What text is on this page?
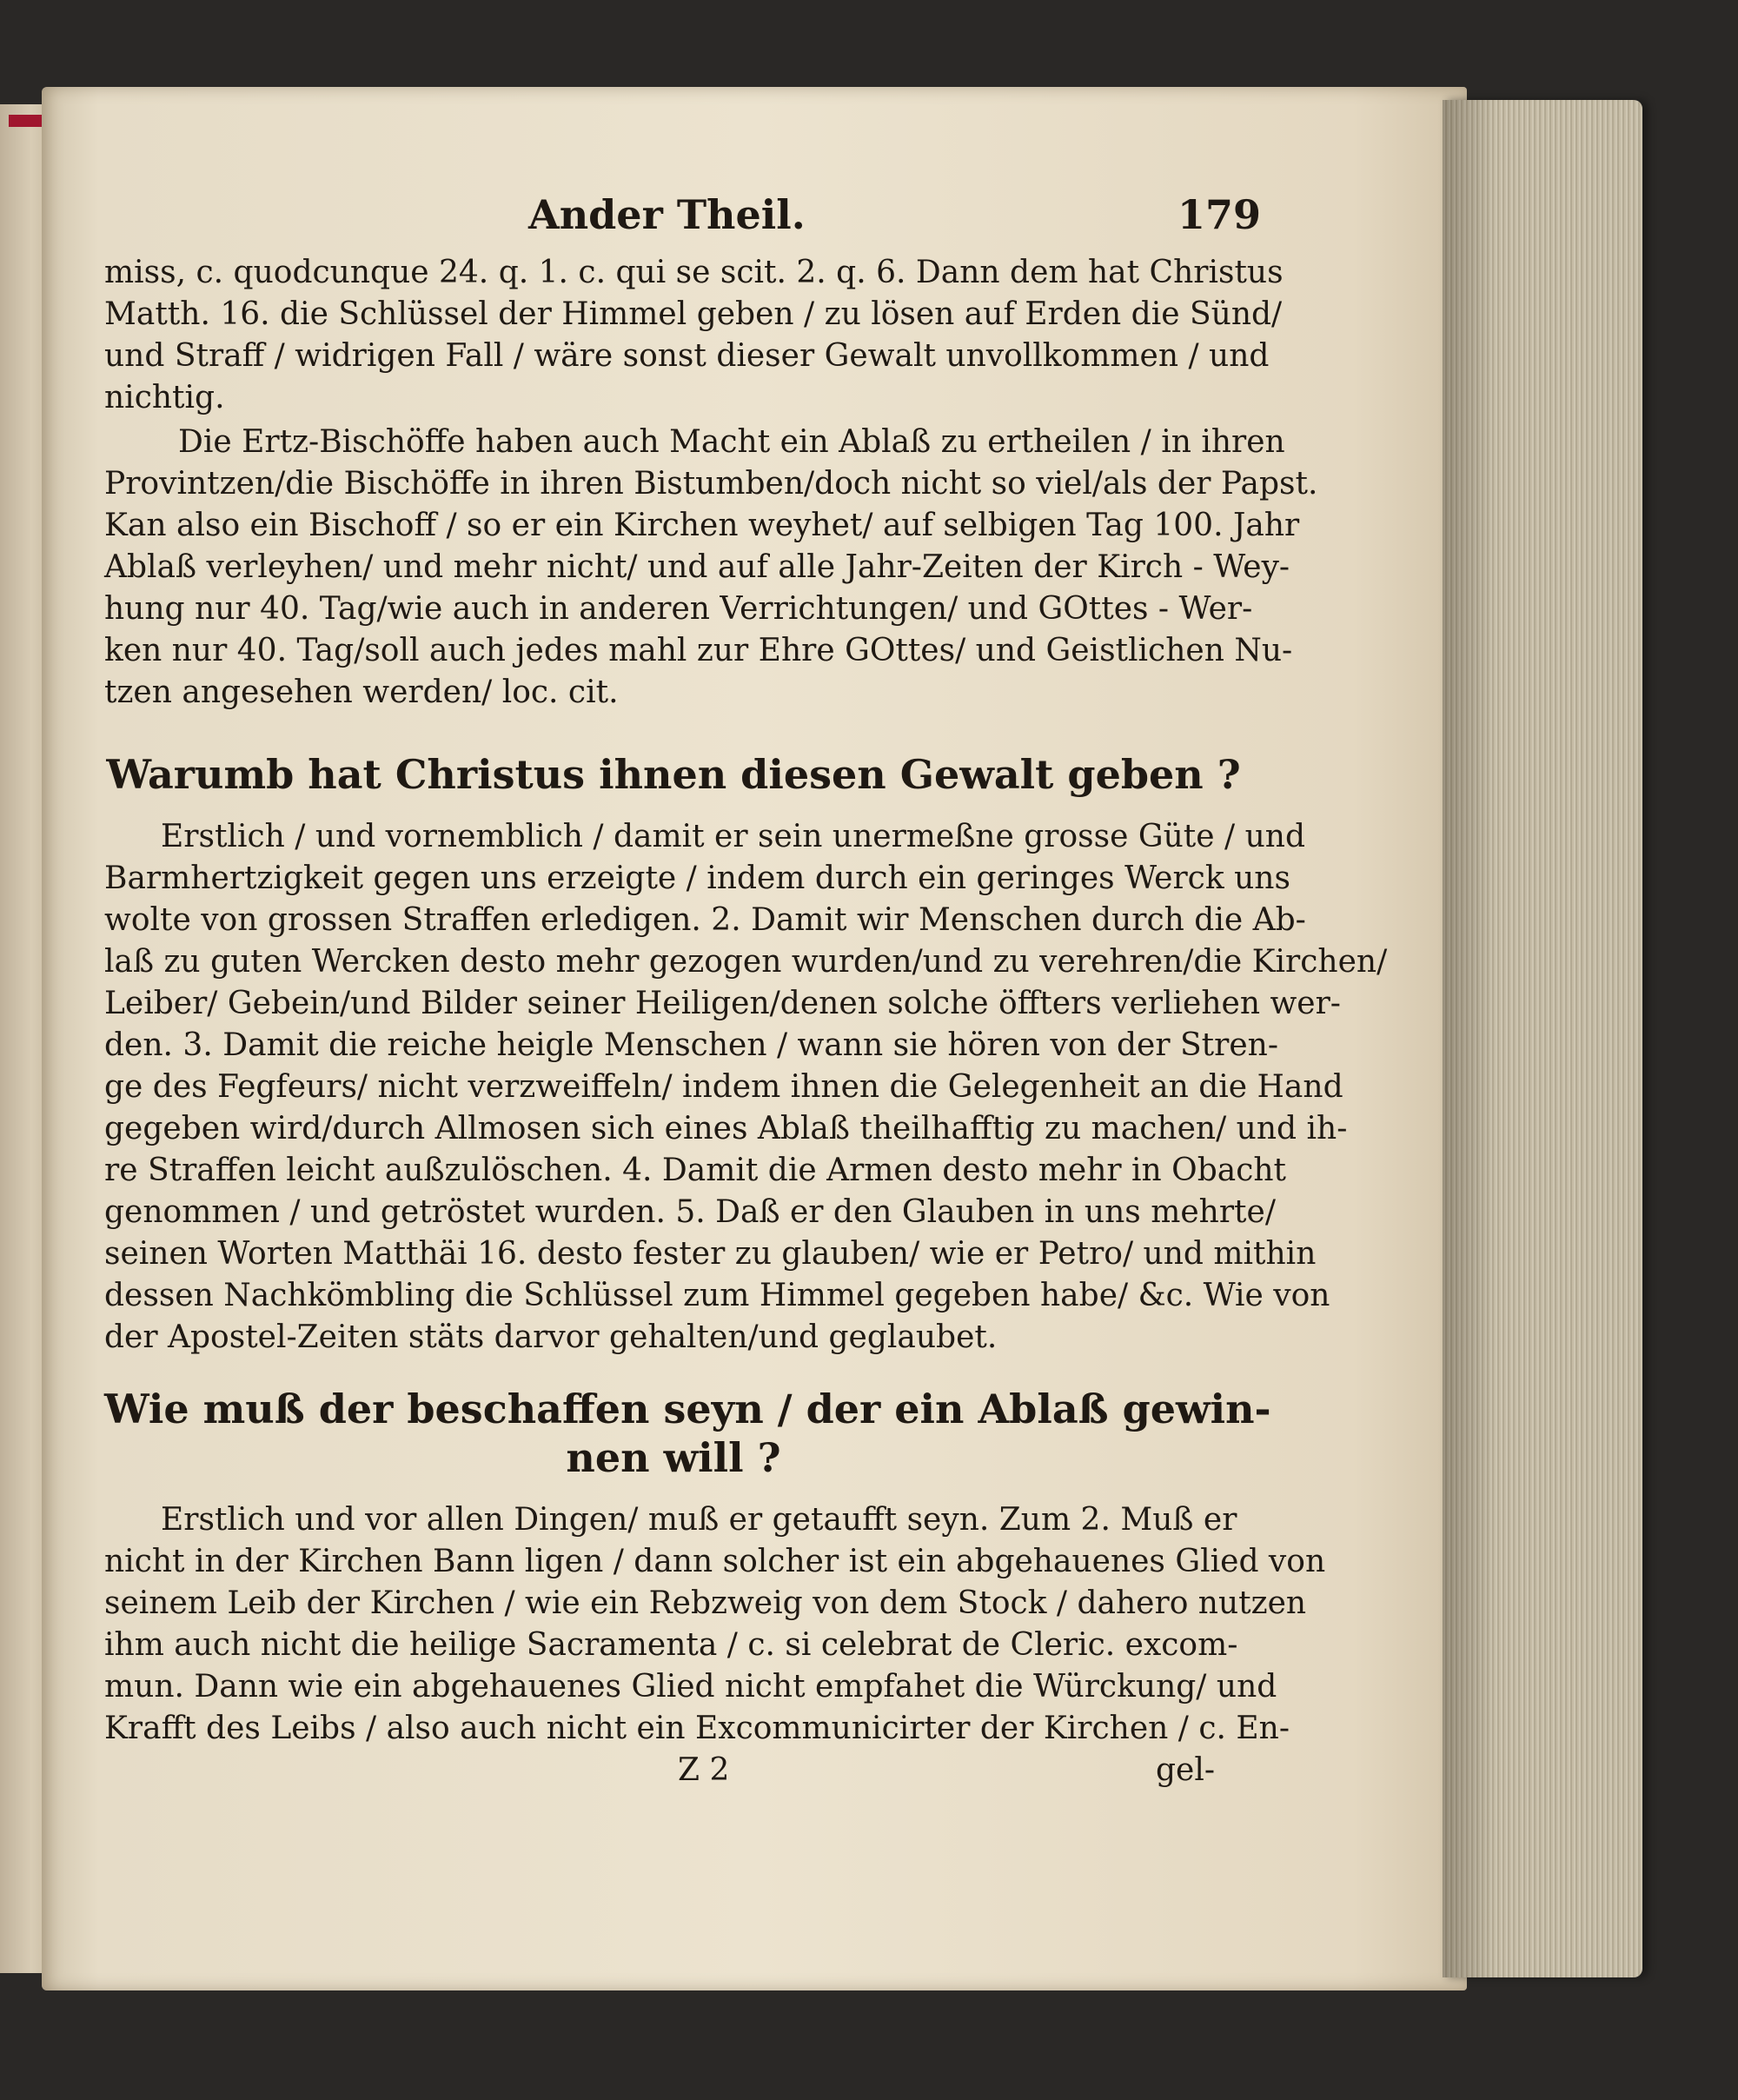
Ander Theil.	179
miss, c. quodcunque 24. q. 1. c. qui se scit. 2. q. 6. Dann dem hat Christus
Matth. 16. die Schlüssel der Himmel geben / zu lösen auf Erden die Sünd/
und Straff / widrigen Fall / wäre sonst dieser Gewalt unvollkommen / und
nichtig.
Die Ertz-Bischöffe haben auch Macht ein Ablaß zu ertheilen / in ihren
Provintzen/die Bischöffe in ihren Bistumben/doch nicht so viel/als der Papst.
Kan also ein Bischoff / so er ein Kirchen weyhet/ auf selbigen Tag 100. Jahr
Ablaß verleyhen/ und mehr nicht/ und auf alle Jahr-Zeiten der Kirch - Wey-
hung nur 40. Tag/wie auch in anderen Verrichtungen/ und GOttes - Wer-
ken nur 40. Tag/soll auch jedes mahl zur Ehre GOttes/ und Geistlichen Nu-
tzen angesehen werden/ loc. cit.
Warumb hat Christus ihnen diesen Gewalt geben ?
Erstlich / und vornemblich / damit er sein unermeßne grosse Güte / und
Barmhertzigkeit gegen uns erzeigte / indem durch ein geringes Werck uns
wolte von grossen Straffen erledigen. 2. Damit wir Menschen durch die Ab-
laß zu guten Wercken desto mehr gezogen wurden/und zu verehren/die Kirchen/
Leiber/ Gebein/und Bilder seiner Heiligen/denen solche öffters verliehen wer-
den. 3. Damit die reiche heigle Menschen / wann sie hören von der Stren-
ge des Fegfeurs/ nicht verzweiffeln/ indem ihnen die Gelegenheit an die Hand
gegeben wird/durch Allmosen sich eines Ablaß theilhafftig zu machen/ und ih-
re Straffen leicht außzulöschen. 4. Damit die Armen desto mehr in Obacht
genommen / und getröstet wurden. 5. Daß er den Glauben in uns mehrte/
seinen Worten Matthäi 16. desto fester zu glauben/ wie er Petro/ und mithin
dessen Nachkömbling die Schlüssel zum Himmel gegeben habe/ &c. Wie von
der Apostel-Zeiten stäts darvor gehalten/und geglaubet.
Wie muß der beschaffen seyn / der ein Ablaß gewin-
nen will ?
Erstlich und vor allen Dingen/ muß er getaufft seyn. Zum 2. Muß er
nicht in der Kirchen Bann ligen / dann solcher ist ein abgehauenes Glied von
seinem Leib der Kirchen / wie ein Rebzweig von dem Stock / dahero nutzen
ihm auch nicht die heilige Sacramenta / c. si celebrat de Cleric. excom-
mun. Dann wie ein abgehauenes Glied nicht empfahet die Würckung/ und
Krafft des Leibs / also auch nicht ein Excommunicirter der Kirchen / c. En-
Z 2	gel-
